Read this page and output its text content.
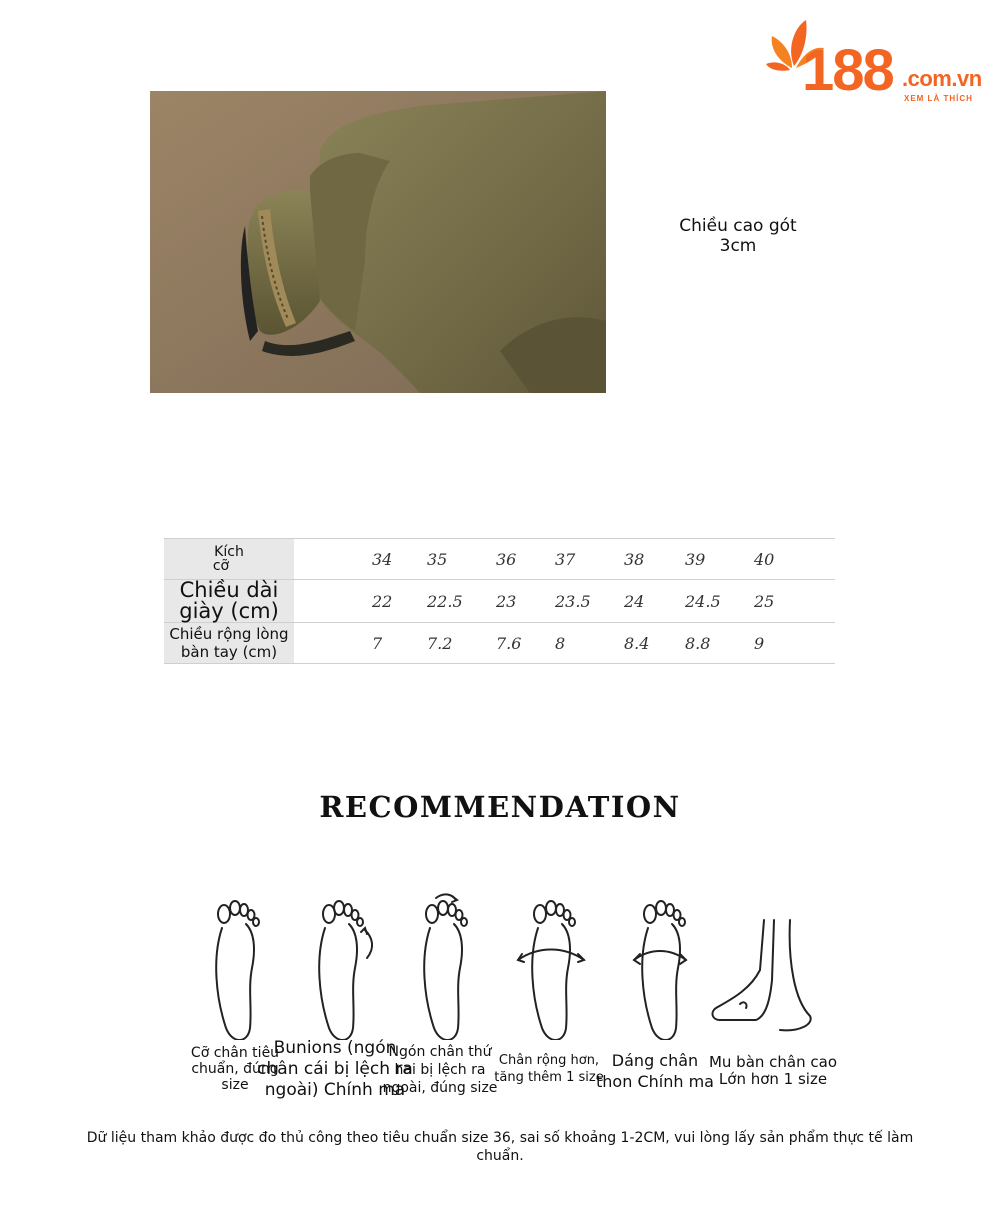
188 .com.vn
XEM LÀ THÍCH
Chiều cao gót
3cm
Kích
cỡ	34	35	36	37	38	39	40

Chiều dài
giày (cm)	22	22.5	23	23.5	24	24.5	25

Chiều rộng lòng
bàn tay (cm)	7	7.2	7.6	8	8.4	8.8	9
RECOMMENDATION
Cỡ chân tiêu
chuẩn, đúng
size
Bunions (ngón
chân cái bị lệch ra
ngoài) Chính ma
Ngón chân thứ
hai bị lệch ra
ngoài, đúng size
Chân rộng hơn,
tăng thêm 1 size
Dáng chân
thon Chính ma
Mu bàn chân cao
Lớn hơn 1 size
Dữ liệu tham khảo được đo thủ công theo tiêu chuẩn size 36, sai số khoảng 1-2CM, vui lòng lấy sản phẩm thực tế làm chuẩn.
